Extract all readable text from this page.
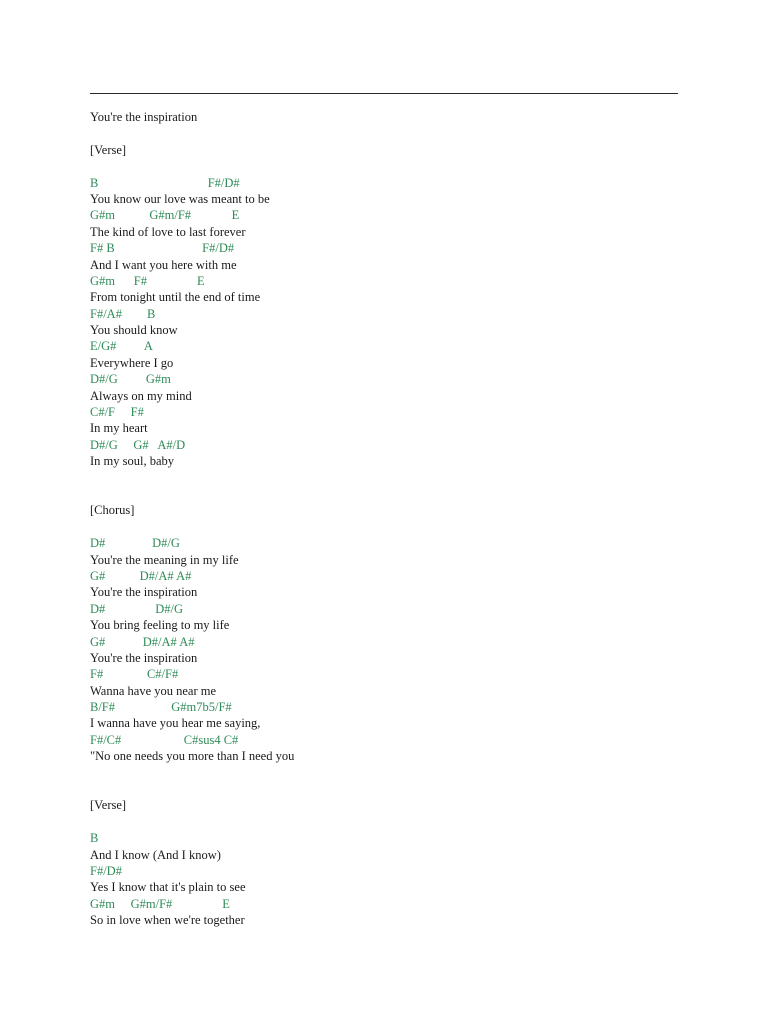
You're the inspiration
[Verse]
B                                   F#/D#
You know our love was meant to be
G#m           G#m/F#             E
The kind of love to last forever
F# B                            F#/D#
And I want you here with me
G#m      F#                E
From tonight until the end of time
F#/A#        B
You should know
E/G#         A
Everywhere I go
D#/G         G#m
Always on my mind
C#/F     F#
In my heart
D#/G     G#   A#/D
In my soul, baby
[Chorus]
D#               D#/G
You're the meaning in my life
G#           D#/A# A#
You're the inspiration
D#                D#/G
You bring feeling to my life
G#            D#/A# A#
You're the inspiration
F#              C#/F#
Wanna have you near me
B/F#                  G#m7b5/F#
I wanna have you hear me saying,
F#/C#                    C#sus4 C#
"No one needs you more than I need you
[Verse]
B
And I know (And I know)
F#/D#
Yes I know that it's plain to see
G#m     G#m/F#                E
So in love when we're together
